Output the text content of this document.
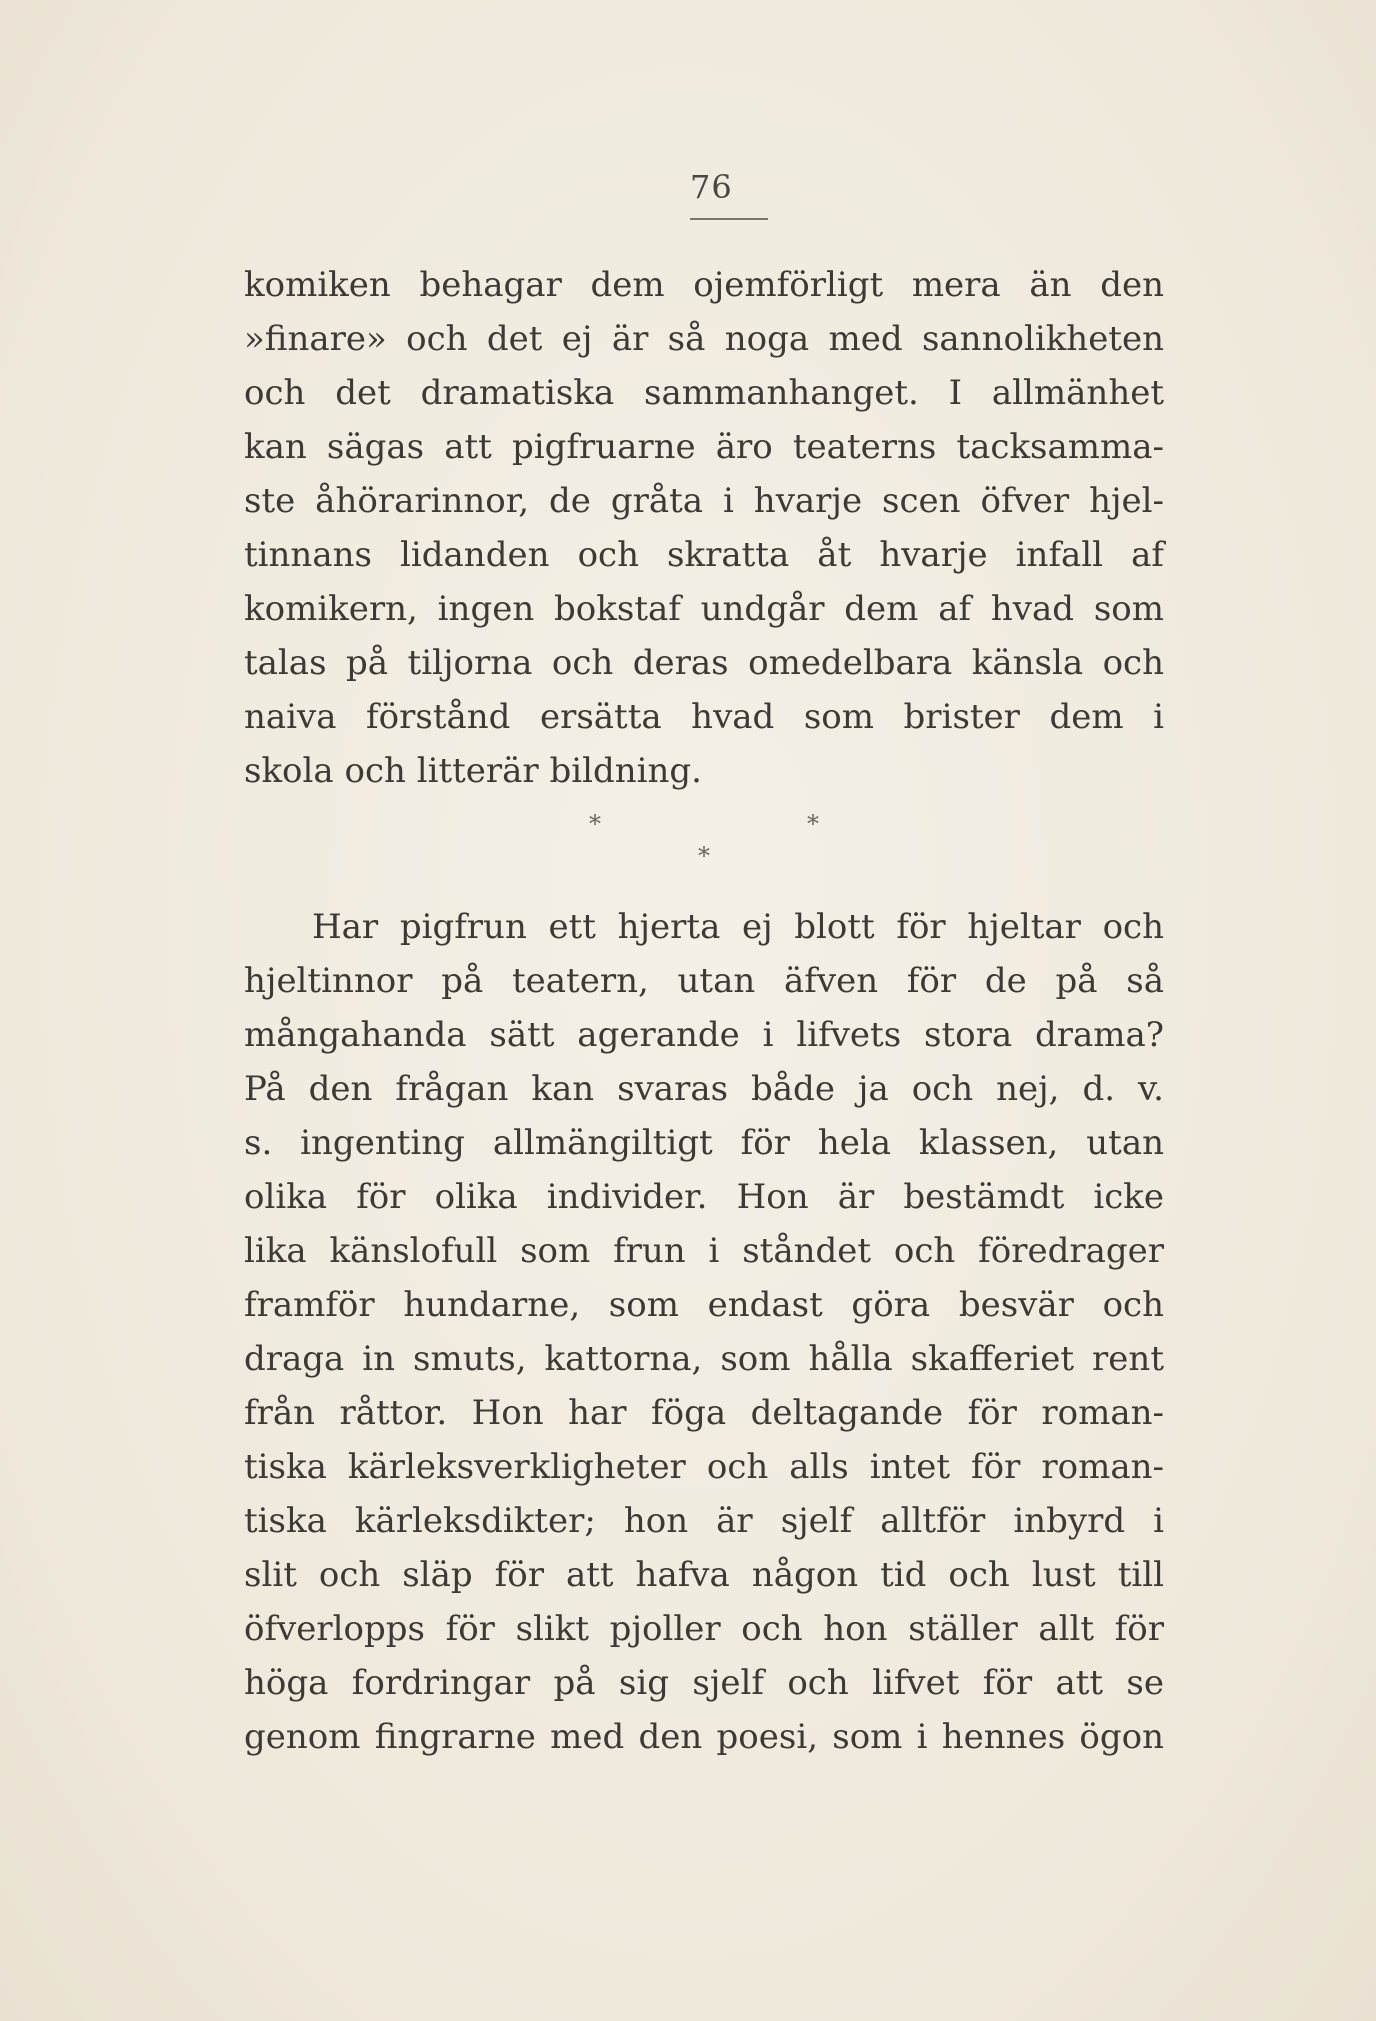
76
komiken behagar dem ojemförligt mera än den
»finare» och det ej är så noga med sannolikheten
och det dramatiska sammanhanget. I allmänhet
kan sägas att pigfruarne äro teaterns tacksamma-
ste åhörarinnor, de gråta i hvarje scen öfver hjel-
tinnans lidanden och skratta åt hvarje infall af
komikern, ingen bokstaf undgår dem af hvad som
talas på tiljorna och deras omedelbara känsla och
naiva förstånd ersätta hvad som brister dem i
skola och litterär bildning.
*	*
*
Har pigfrun ett hjerta ej blott för hjeltar och
hjeltinnor på teatern, utan äfven för de på så
mångahanda sätt agerande i lifvets stora drama?
På den frågan kan svaras både ja och nej, d. v.
s. ingenting allmängiltigt för hela klassen, utan
olika för olika individer. Hon är bestämdt icke
lika känslofull som frun i ståndet och föredrager
framför hundarne, som endast göra besvär och
draga in smuts, kattorna, som hålla skafferiet rent
från råttor. Hon har föga deltagande för roman-
tiska kärleksverkligheter och alls intet för roman-
tiska kärleksdikter; hon är sjelf alltför inbyrd i
slit och släp för att hafva någon tid och lust till
öfverlopps för slikt pjoller och hon ställer allt för
höga fordringar på sig sjelf och lifvet för att se
genom fingrarne med den poesi, som i hennes ögon
